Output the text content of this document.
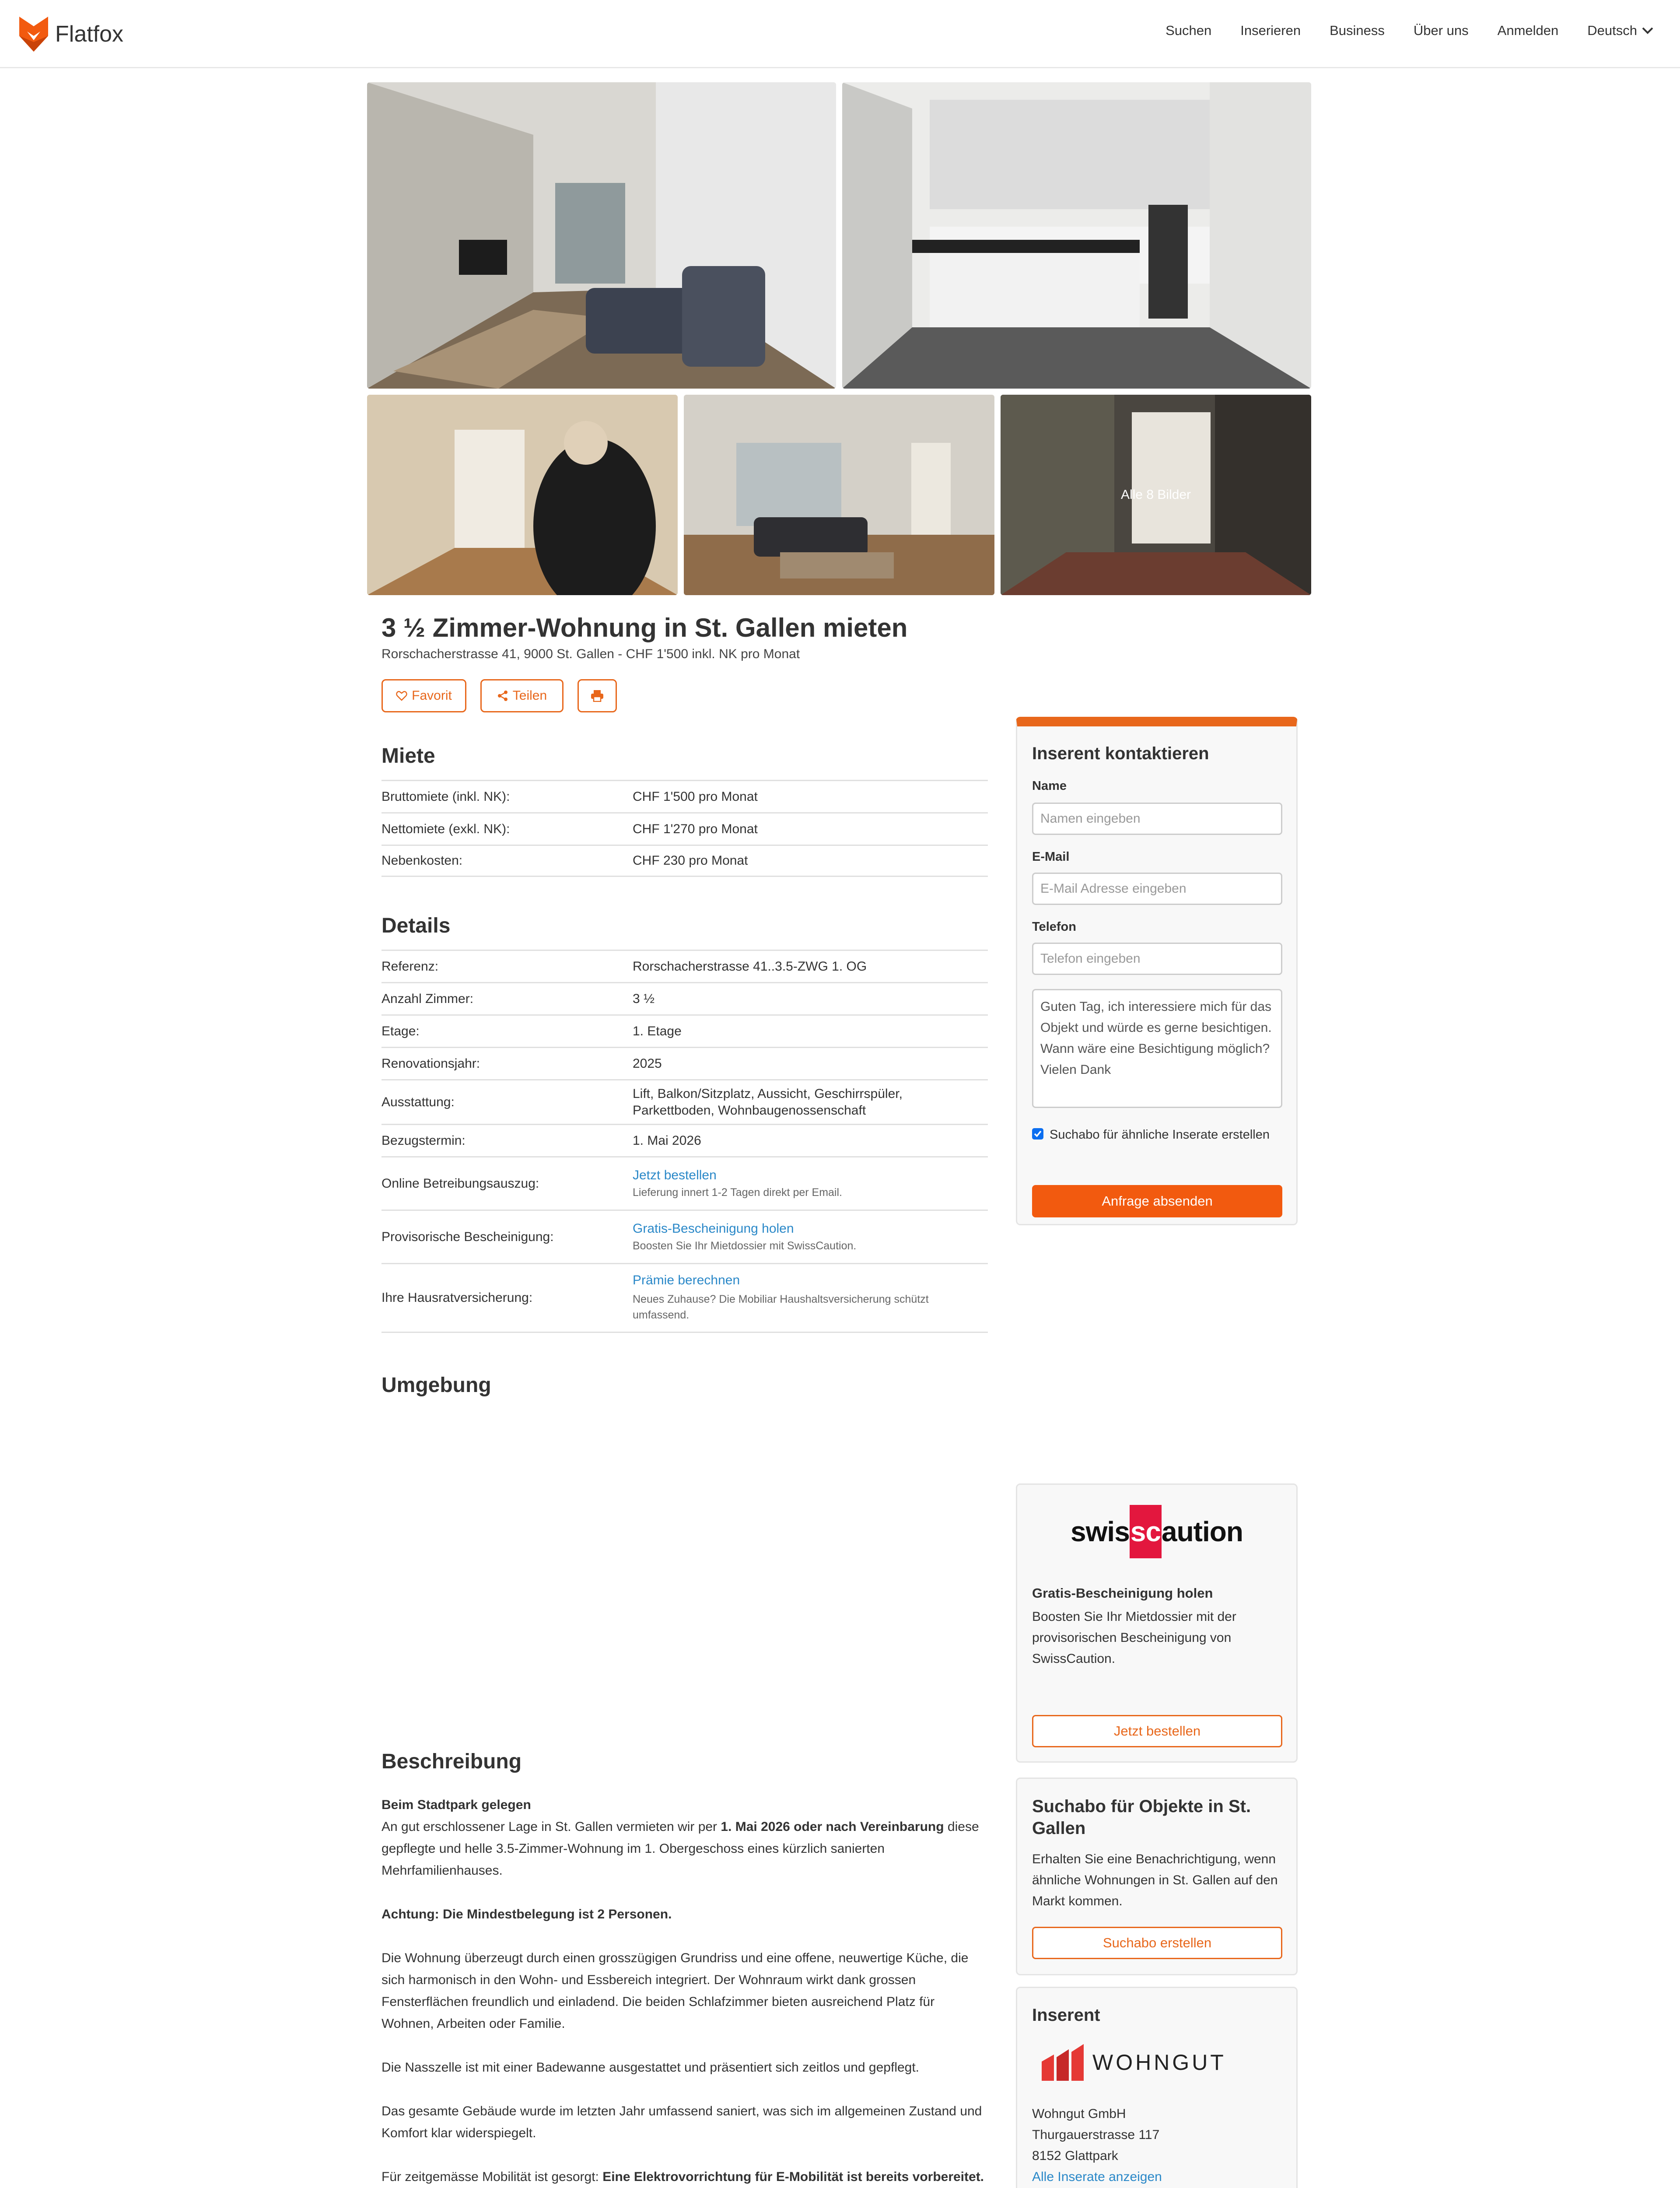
Flatfox	Suchen Inserieren Business Über uns Anmelden Deutsch
Alle 8 Bilder
3 ½ Zimmer-Wohnung in St. Gallen mieten
Rorschacherstrasse 41, 9000 St. Gallen - CHF 1'500 inkl. NK pro Monat
Favorit	Teilen
Miete
Bruttomiete (inkl. NK):	CHF 1'500 pro Monat
Nettomiete (exkl. NK):	CHF 1'270 pro Monat
Nebenkosten:	CHF 230 pro Monat
Details
Referenz:	Rorschacherstrasse 41..3.5-ZWG 1. OG
Anzahl Zimmer:	3 ½
Etage:	1. Etage
Renovationsjahr:	2025
Ausstattung:
Lift, Balkon/Sitzplatz, Aussicht, Geschirrspüler, Parkettboden, Wohnbaugenossenschaft
Bezugstermin:	1. Mai 2026
Online Betreibungsauszug:
Jetzt bestellen
Lieferung innert 1-2 Tagen direkt per Email.
Provisorische Bescheinigung:
Gratis-Bescheinigung holen
Boosten Sie Ihr Mietdossier mit SwissCaution.
Ihre Hausratversicherung:
Prämie berechnen
Neues Zuhause? Die Mobiliar Haushaltsversicherung schützt umfassend.
Umgebung
Inserent kontaktieren
Name
Namen eingeben
E-Mail
E-Mail Adresse eingeben
Telefon
Telefon eingeben
Guten Tag, ich interessiere mich für das Objekt und würde es gerne besichtigen. Wann wäre eine Besichtigung möglich? Vielen Dank
Suchabo für ähnliche Inserate erstellen
Anfrage absenden
swis sc aution
Gratis-Bescheinigung holen
Boosten Sie Ihr Mietdossier mit der provisorischen Bescheinigung von SwissCaution.
Jetzt bestellen
Suchabo für Objekte in St. Gallen
Erhalten Sie eine Benachrichtigung, wenn ähnliche Wohnungen in St. Gallen auf den Markt kommen.
Suchabo erstellen
Inserent
WOHNGUT
Wohngut GmbH
Thurgauerstrasse 117
8152 Glattpark
Alle Inserate anzeigen
Beschreibung
Beim Stadtpark gelegen

An gut erschlossener Lage in St. Gallen vermieten wir per 1. Mai 2026 oder nach Vereinbarung diese gepflegte und helle 3.5-Zimmer-Wohnung im 1. Obergeschoss eines kürzlich sanierten Mehrfamilienhauses.

Achtung: Die Mindestbelegung ist 2 Personen.

Die Wohnung überzeugt durch einen grosszügigen Grundriss und eine offene, neuwertige Küche, die sich harmonisch in den Wohn- und Essbereich integriert. Der Wohnraum wirkt dank grossen Fensterflächen freundlich und einladend. Die beiden Schlafzimmer bieten ausreichend Platz für Wohnen, Arbeiten oder Familie.

Die Nasszelle ist mit einer Badewanne ausgestattet und präsentiert sich zeitlos und gepflegt.

Das gesamte Gebäude wurde im letzten Jahr umfassend saniert, was sich im allgemeinen Zustand und Komfort klar widerspiegelt.

Für zeitgemässe Mobilität ist gesorgt: Eine Elektrovorrichtung für E-Mobilität ist bereits vorbereitet.
